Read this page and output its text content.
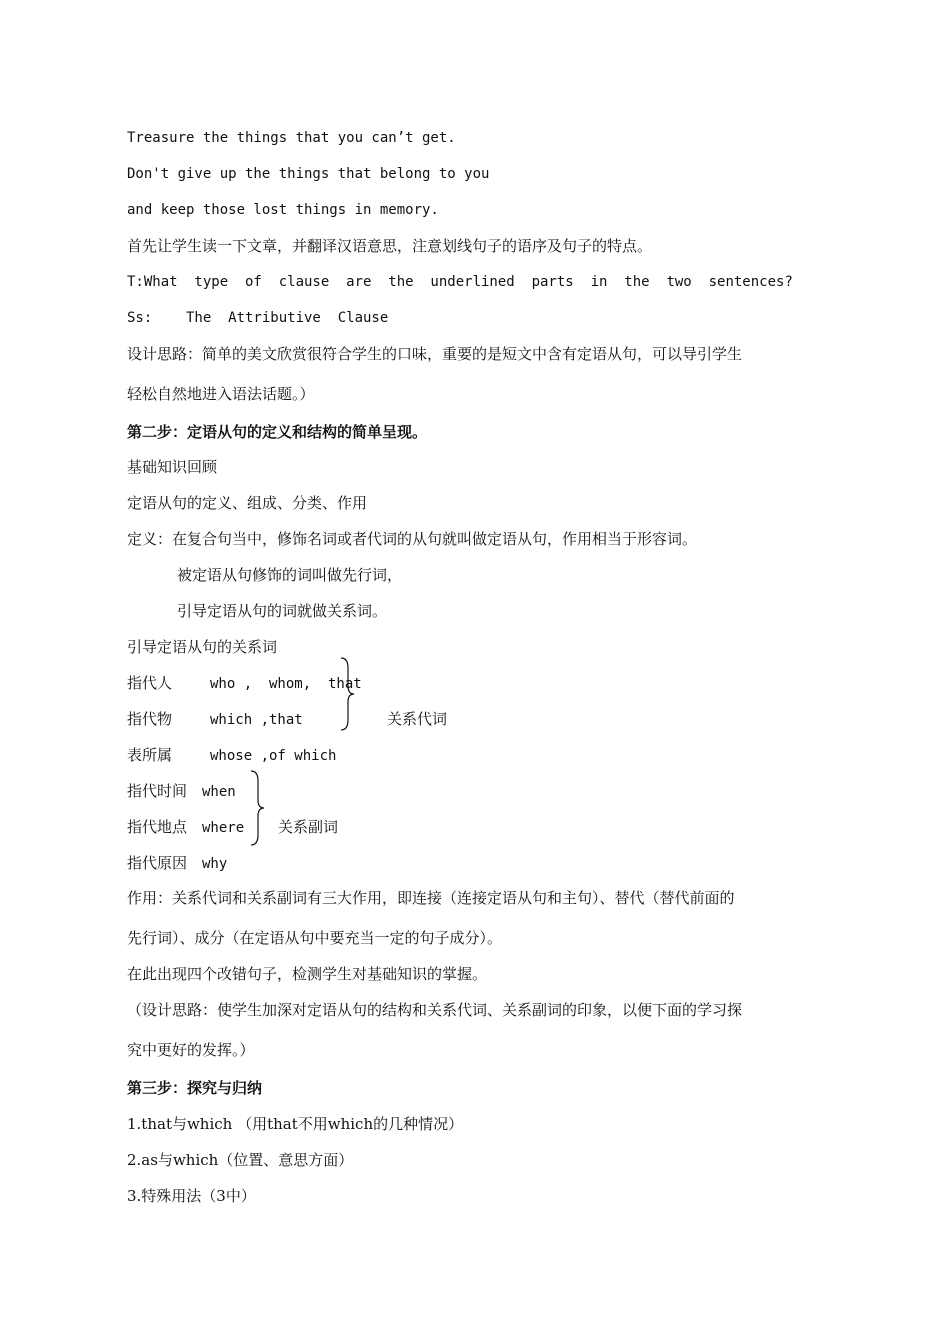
Treasure the things that you can’t get.
Don't give up the things that belong to you
and keep those lost things in memory.
首先让学生读一下文章，并翻译汉语意思，注意划线句子的语序及句子的特点。
T:What  type  of  clause  are  the  underlined  parts  in  the  two  sentences?
Ss:    The  Attributive  Clause
设计思路：简单的美文欣赏很符合学生的口味，重要的是短文中含有定语从句，可以导引学生
轻松自然地进入语法话题。）
第二步：定语从句的定义和结构的简单呈现。
基础知识回顾
定语从句的定义、组成、分类、作用
定义：在复合句当中，修饰名词或者代词的从句就叫做定语从句，作用相当于形容词。
被定语从句修饰的词叫做先行词，
引导定语从句的词就做关系词。
引导定语从句的关系词
指代人	who ,  whom,  that
指代物	which ,that
表所属	whose ,of which
关系代词
指代时间 when
指代地点 where
指代原因 why
关系副词
作用：关系代词和关系副词有三大作用，即连接（连接定语从句和主句）、替代（替代前面的
先行词）、成分（在定语从句中要充当一定的句子成分）。
在此出现四个改错句子，检测学生对基础知识的掌握。
（设计思路：使学生加深对定语从句的结构和关系代词、关系副词的印象，以便下面的学习探
究中更好的发挥。）
第三步：探究与归纳
1.that与which （用that不用which的几种情况）
2.as与which（位置、意思方面）
3.特殊用法（3中）
